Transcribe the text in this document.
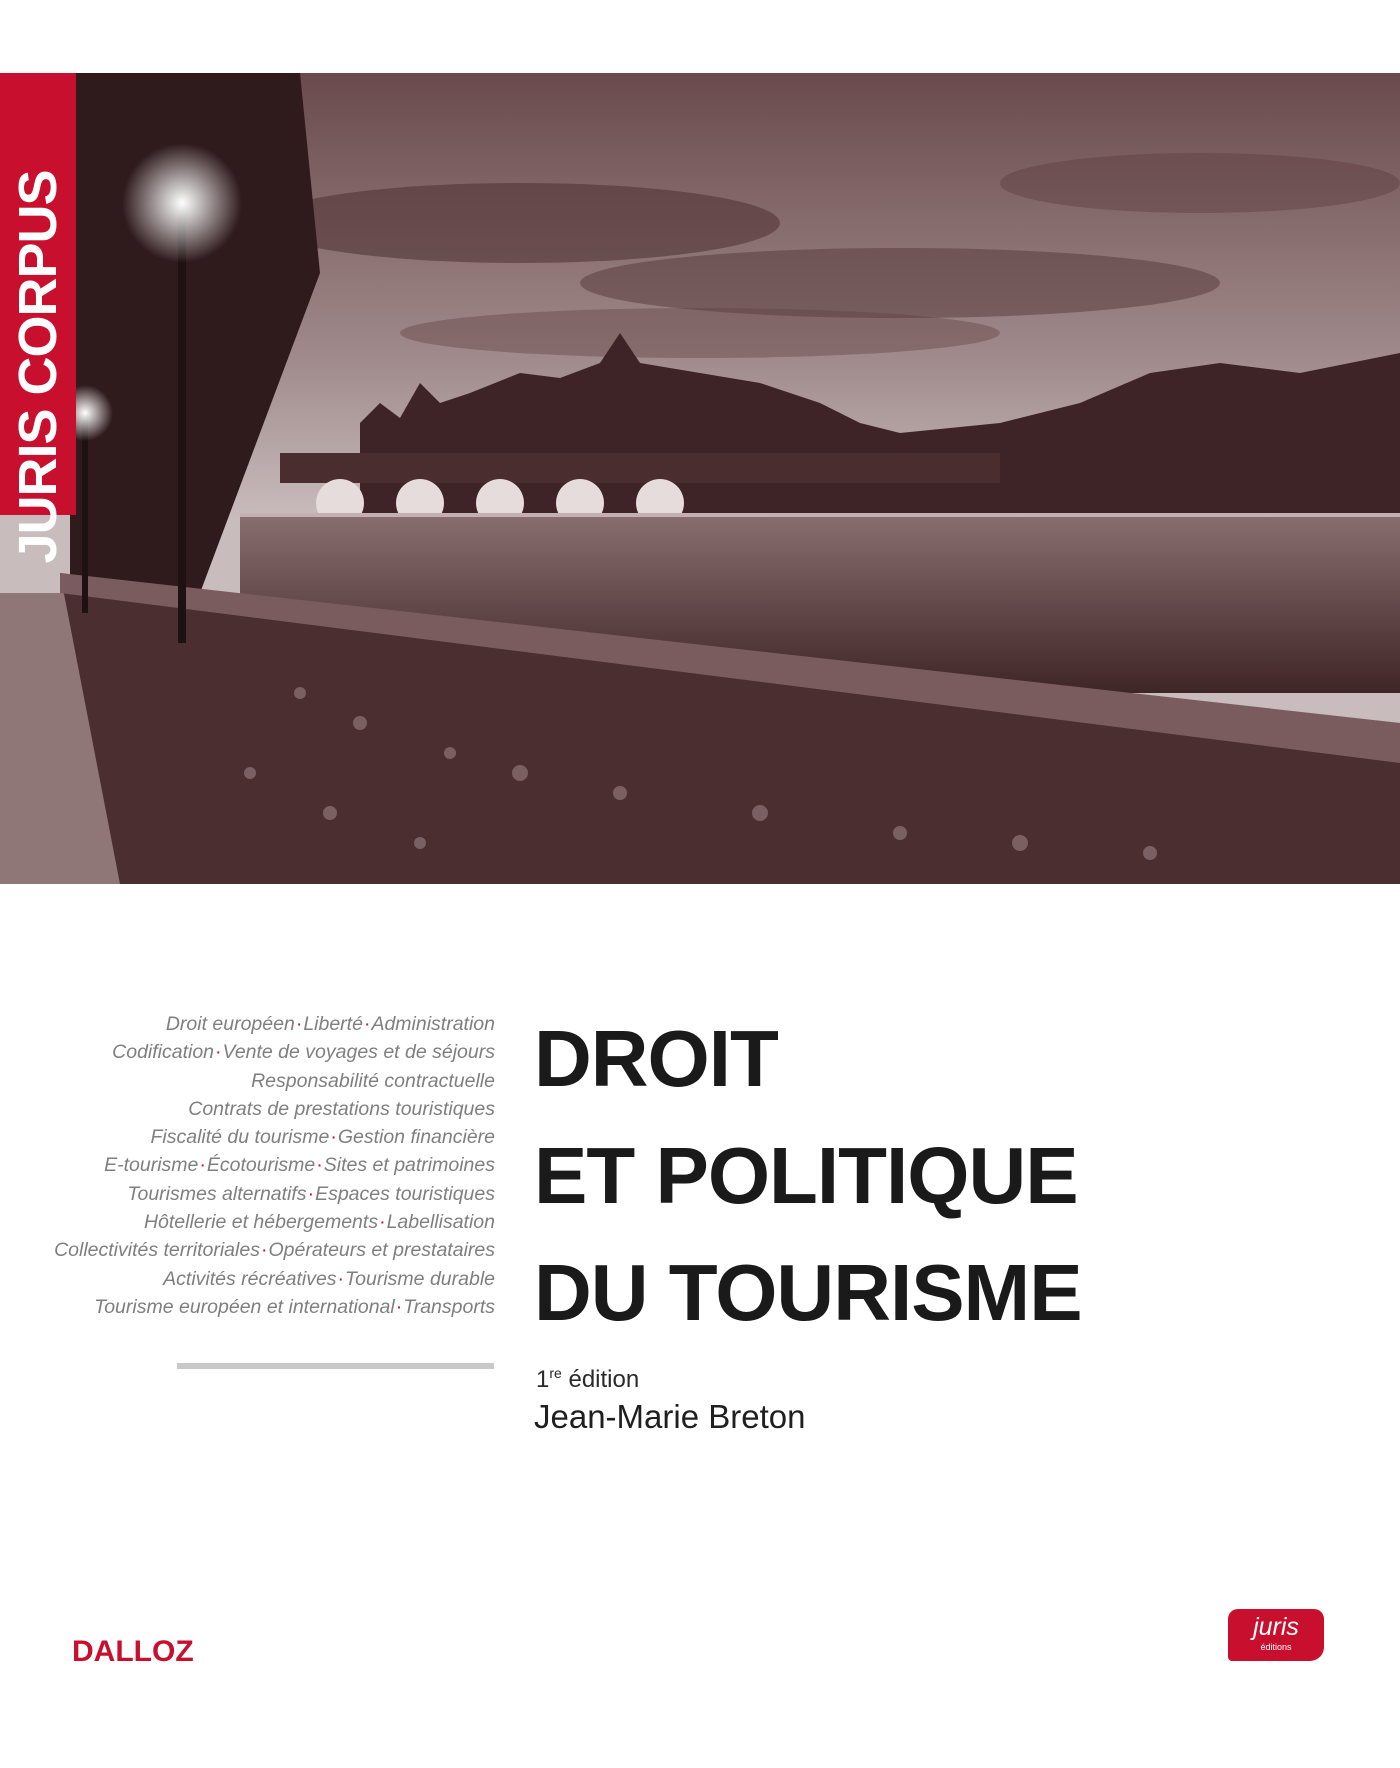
JURIS CORPUS
Droit européen·Liberté·Administration
Codification·Vente de voyages et de séjours
Responsabilité contractuelle
Contrats de prestations touristiques
Fiscalité du tourisme·Gestion financière
E-tourisme·Écotourisme·Sites et patrimoines
Tourismes alternatifs·Espaces touristiques
Hôtellerie et hébergements·Labellisation
Collectivités territoriales·Opérateurs et prestataires
Activités récréatives·Tourisme durable
Tourisme européen et international·Transports
DROIT
ET POLITIQUE
DU TOURISME
1re édition
Jean-Marie Breton
DALLOZ
juris
éditions
